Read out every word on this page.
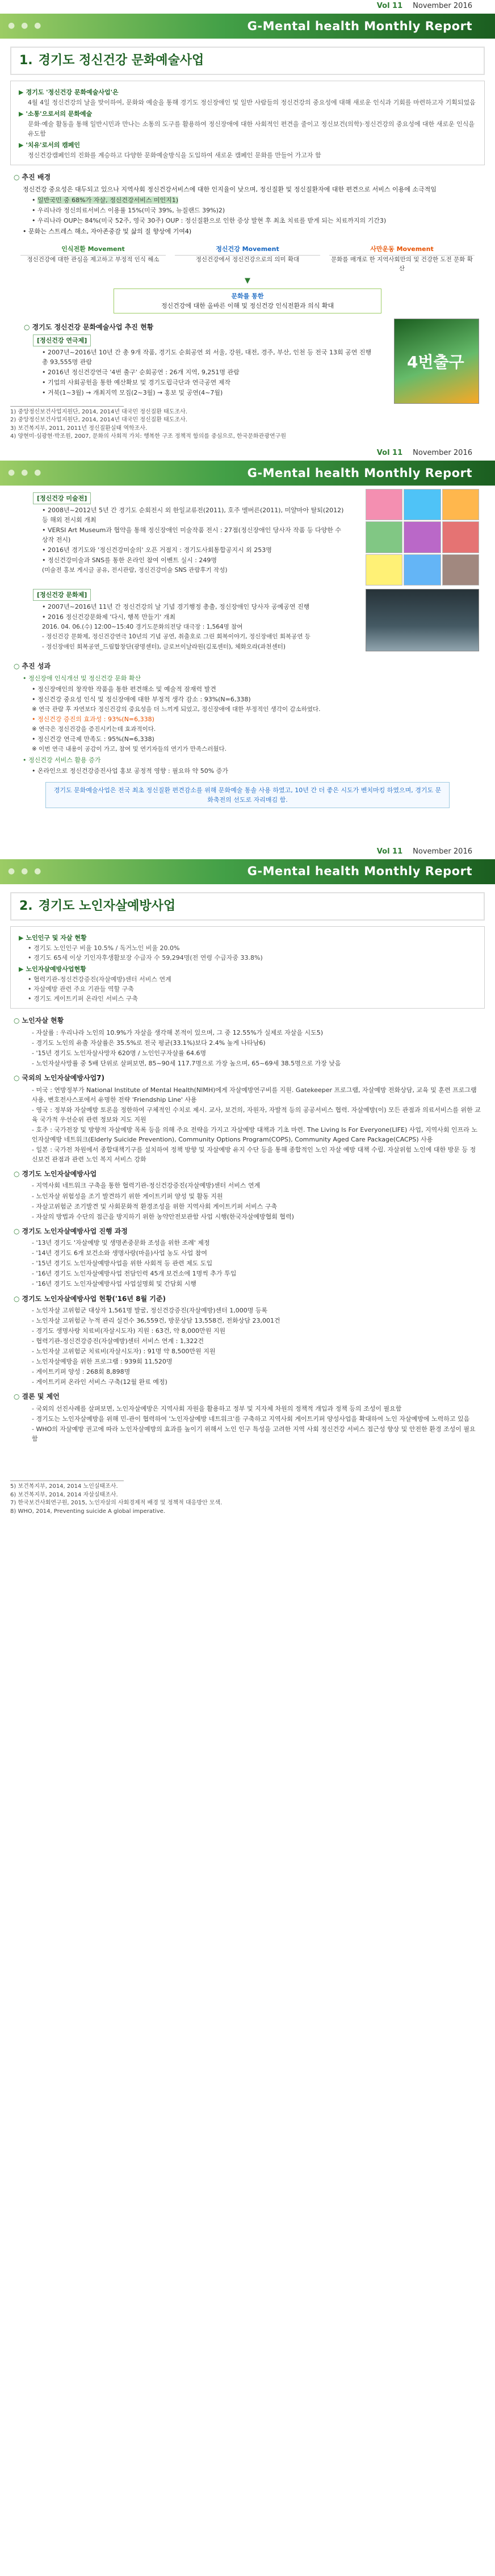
Vol 11 November 2016
● ● ●	G-Mental health Monthly Report
1. 경기도 정신건강 문화예술사업
▶ 경기도 '정신건강 문화예술사업'은
4월 4일 정신건강의 날을 맞이하여, 문화와 예술을 통해 경기도 정신장애인 및 일반 사람들의 정신건강의 중요성에 대해 새로운 인식과 기회를 마련하고자 기획되었음
▶ '소통'으로서의 문화예술
문화·예술 활동을 통해 일반시민과 만나는 소통의 도구를 활용하여 정신장애에 대한 사회적인 편견을 줄이고 정신보건(의학)·정신건강의 중요성에 대한 새로운 인식을 유도함
▶ '치유'로서의 캠페인
정신건강캠페인의 진화를 계승하고 다양한 문화예술방식을 도입하여 새로운 캠페인 문화를 만들어 가고자 함
○ 추진 배경
정신건강 중요성은 대두되고 있으나 지역사회 정신건강서비스에 대한 인지율이 낮으며, 정신질환 및 정신질환자에 대한 편견으로 서비스 이용에 소극적임
• 일반국민 중 68%가 자살, 정신건강서비스 미인지1)
• 우리나라 정신의료서비스 이용률 15%(미국 39%, 뉴질랜드 39%)2)
• 우리나라 OUP는 84%(미국 52주, 영국 30주) OUP : 정신질환으로 인한 증상 발현 후 최초 치료를 받게 되는 치료까지의 기간3)
• 문화는 스트레스 해소, 자아존중감 및 삶의 질 향상에 기여4)
인식전환 Movement
정신건강에 대한 관심을 제고하고 부정적 인식 해소
정신건강 Movement
정신건강에서 정신건강으로의 의미 확대
사만운동 Movement
문화를 매개로 한 지역사회만의 및 건강한 도전 문화 확산
▼
문화를 통한
정신건강에 대한 올바른 이해 및 정신건강 인식전환과 의식 확대
○ 경기도 정신건강 문화예술사업 추진 현황
[정신건강 연극제]
• 2007년~2016년 10년 간 총 9개 작품, 경기도 순회공연 외 서울, 강원, 대전, 경주, 부산, 인천 등 전국 13회 공연 진행 총 93,555명 관람
• 2016년 정신건강연극 '4번 출구' 순회공연 : 26개 지역, 9,251명 관람
• 기업의 사회공헌을 통한 예산확보 및 경기도립극단과 연극공연 제작
• 거북(1~3월) → 개최지역 모집(2~3월) → 홍보 및 공연(4~7월)
4번출구
1) 중앙정신보건사업지원단, 2014, 2014년 대국민 정신질환 태도조사.
2) 중앙정신보건사업지원단, 2014, 2014년 대국민 정신질환 태도조사.
3) 보건복지부, 2011, 2011년 정신질환실태 역학조사.
4) 양현미·심광현·박조원, 2007, 문화의 사회적 가치: 행복한 구조 정책적 함의를 중심으로, 한국문화관광연구원
Vol 11 November 2016
● ● ●	G-Mental health Monthly Report
[정신건강 미술전]
• 2008년~2012년 5년 간 경기도 순회전시 외 한일교류전(2011), 호주 멜버른(2011), 미얄마아 탈퇴(2012) 등 해외 전시회 개최
• VERSI Art Museum과 협약을 통해 정신장애인 미술작품 전시 : 27점(정신장애인 당사자 작품 등 다양한 수상작 전시)
• 2016년 경기도와 '정신건강미술의' 오픈 거점지 : 경기도사회통합공지시 외 253명
• 정신건강미술과 SNS를 통한 온라인 참여 이벤트 실시 : 249명
(미술전 홍보 게시글 공유, 전시관람, 정신건강미술 SNS 관람후기 작성)
[정신건강 문화제]
• 2007년~2016년 11년 간 정신건강의 날 기념 경기행정 총출, 정신장애인 당사자 공예공연 진행
• 2016 정신건강문화제 '다시, 행복 만들기' 개최
2016. 04. 06.(수) 12:00~15:40 경기도문화의전당 대극장 : 1,564명 참여
- 정신건강 문화제, 정신건강연극 10년의 기념 공연, 취출호로 그린 회복이야기, 정신장애인 회복공연 등
- 정신장애인 회복공연_드림합창단(광명센터), 글로브이날라원(김포센터), 체화오라(과천센터)
○ 추진 성과
• 정신장애 인식개선 및 정신건강 문화 확산
• 정신장애인의 창작한 작품을 통한 편견해소 및 예술적 잠재력 발견
• 정신건강 중요성 인식 및 정신장애에 대한 부정적 생각 감소 : 93%(N=6,338)
※ 연극 관람 후 자연보다 정신건강의 중요성을 더 느끼게 되었고, 정신장애에 대한 부정적인 생각이 감소하였다.
• 정신건강 증진의 효과성 : 93%(N=6,338)
※ 연극은 정신건강을 증진시키는데 효과적이다.
• 정신건강 연극제 만족도 : 95%(N=6,338)
※ 이번 연극 내용이 공감이 가고, 참여 및 연기자들의 연기가 만족스러웠다.
• 정신건강 서비스 활용 증가
• 온라인으로 정신건강증진사업 홍보 공정적 영향 : 필요하 약 50% 증가
경기도 문화예술사업은 전국 최초 정신질환 편견감소를 위해 문화예술 통솔 사용 하였고, 10년 간 더 좋은 시도가 벤치마킹 하였으며, 경기도 문화축전의 선도로 자리매김 함.
Vol 11 November 2016
● ● ●	G-Mental health Monthly Report
2. 경기도 노인자살예방사업
▶ 노인인구 및 자살 현황
• 경기도 노인인구 비율 10.5% / 독거노인 비율 20.0%
• 경기도 65세 이상 기인자후생활보장 수급자 수 59,294명(전 연령 수급자중 33.8%)
▶ 노인자살예방사업현황
• 협력기관-정신건강증진(자살예방)센터 서비스 연계
• 자살예방 관련 주요 기관들 역할 구축
• 경기도 게이트키퍼 온라인 서비스 구축
○ 노인자살 현황
- 자살률 : 우리나라 노인의 10.9%가 자살을 생각해 본적이 있으며, 그 중 12.55%가 실제로 자살을 시도5)
- 경기도 노인의 유출 자살률은 35.5%로 전국 평균(33.1%)보다 2.4% 높게 나타남6)
- '15년 경기도 노인자살사망자 620명 / 노인인구자살률 64.6명
- 노인자살사망률 중 5배 단위로 살펴보면, 85~90세 117.7명으로 가장 높으며, 65~69세 38.5명으로 가장 낮음
○ 국외의 노인자살예방사업7)
- 미국 : 연방정부가 National Institute of Mental Health(NIMH)에게 자살예방연구비를 지원. Gatekeeper 프로그램, 자살예방 전화상담, 교육 및 훈련 프로그램 사용, 변호전사스포에서 유명한 전략 'Friendship Line' 사용
- 영국 : 정부와 자살예방 토론을 정한하여 구체적인 수치로 제시. 교사, 보건의, 자원자, 자발적 등의 공공서비스 협력. 자살예방(이) 모든 관점과 의료서비스를 위한 교육 국가적 우선순위 관련 정보와 지도 지원
- 호주 : 국가전장 및 방향적 자살예방 목록 등을 의해 주요 전략을 가지고 자살예방 대책과 기초 마련. The Living Is For Everyone(LIFE) 사업, 지역사회 인프라 노인자살예방 네트워크(Elderly Suicide Prevention), Community Options Program(COPS), Community Aged Care Package(CACPS) 사용
- 일본 : 국가전 차원에서 종합대책기구를 설치하여 정책 방향 및 자살예방 유지 수단 등을 통해 종합적인 노인 자살 예방 대책 수립. 자살위험 노인에 대한 방문 등 정신보건 관점과 관련 노인 복지 서비스 강화
○ 경기도 노인자살예방사업
- 지역사회 네트워크 구축을 통한 협력기관-정신건강증진(자살예방)센터 서비스 연계
- 노인자살 위험성을 조기 발견하기 위한 게이트키퍼 양성 및 활동 지원
- 자살고위험군 조기발견 및 사회문화적 환경조성을 위한 지역사회 게이트키퍼 서비스 구축
- 자살의 방법과 수단의 접근을 방지하기 위한 농약안전보관함 사업 시행(한국자살예방협회 협력)
○ 경기도 노인자살예방사업 진행 과정
- '13년 경기도 '자살예방 및 생명존중문화 조성을 위한 조례' 제정
- '14년 경기도 6개 보건소와 생명사랑(마을)사업 농도 사업 참여
- '15년 경기도 노인자살예방사업을 위한 사회적 등 관련 제도 도입
- '16년 경기도 노인자살예방사업 전담인력 45개 보건소에 1명씩 추가 투입
- '16년 경기도 노인자살예방사업 사업설명회 및 간담회 시행
○ 경기도 노인자살예방사업 현황('16년 8월 기준)
- 노인자살 고위험군 대상자 1,561명 발굴, 정신건강증진(자살예방)센터 1,000명 등록
- 노인자살 고위험군 누적 관리 실건수 36,559건, 방문상담 13,558건, 전화상담 23,001건
- 경기도 생명사랑 치료비(자살시도자) 지원 : 63건, 약 8,000만원 지원
- 협력기관-정신건강증진(자살예방)센터 서비스 연계 : 1,322건
- 노인자살 고위험군 치료비(자살시도자) : 91명 약 8,500만원 지원
- 노인자살예방을 위한 프로그램 : 939회 11,520명
- 게이트키퍼 양성 : 268회 8,898명
- 게이트키퍼 온라인 서비스 구축(12월 완료 예정)
○ 결론 및 제언
- 국외의 선진사례를 살펴보면, 노인자살예방은 지역사회 자원을 활용하고 정부 및 지자체 차원의 정책적 개입과 정책 등의 조성이 필요함
- 경기도는 노인자살예방을 위해 민-관이 협력하여 '노인자살예방 네트워크'를 구축하고 지역사회 게이트키퍼 양성사업을 확대하여 노인 자살예방에 노력하고 있음
- WHO의 자살예방 권고에 따라 노인자살예방의 효과를 높이기 위해서 노인 인구 특성을 고려한 지역 사회 정신건강 서비스 접근성 향상 및 안전한 환경 조성이 필요함
5) 보건복지부, 2014, 2014 노인실태조사.
6) 보건복지부, 2014, 2014 자살실태조사.
7) 한국보건사회연구원, 2015, 노인자살의 사회경제적 배경 및 정책적 대응방안 모색.
8) WHO, 2014, Preventing suicide A global imperative.
